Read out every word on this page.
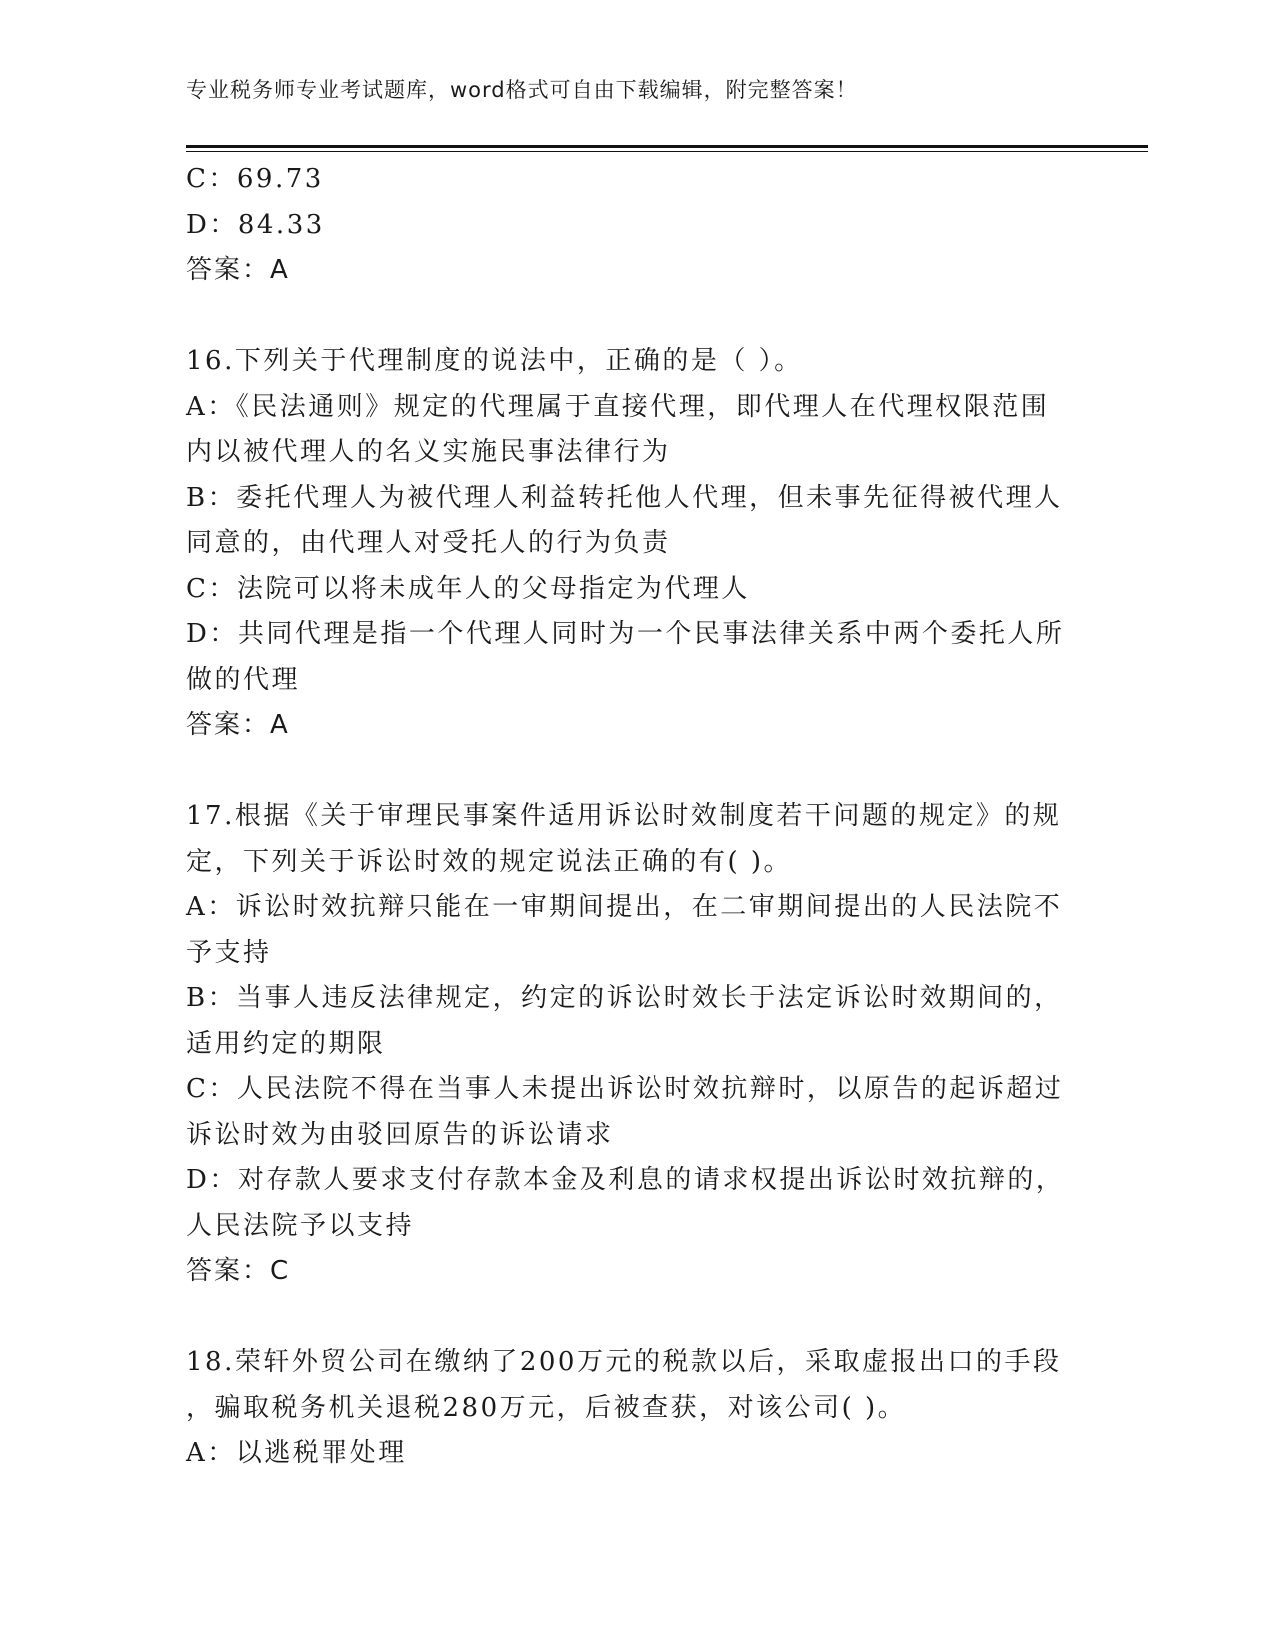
专业税务师专业考试题库，word格式可自由下载编辑，附完整答案！
C：69.73
D：84.33
答案：A
16.下列关于代理制度的说法中，正确的是（ ）。
A：《民法通则》规定的代理属于直接代理，即代理人在代理权限范围
内以被代理人的名义实施民事法律行为
B：委托代理人为被代理人利益转托他人代理，但未事先征得被代理人
同意的，由代理人对受托人的行为负责
C：法院可以将未成年人的父母指定为代理人
D：共同代理是指一个代理人同时为一个民事法律关系中两个委托人所
做的代理
答案：A
17.根据《关于审理民事案件适用诉讼时效制度若干问题的规定》的规
定，下列关于诉讼时效的规定说法正确的有( )。
A：诉讼时效抗辩只能在一审期间提出，在二审期间提出的人民法院不
予支持
B：当事人违反法律规定，约定的诉讼时效长于法定诉讼时效期间的，
适用约定的期限
C：人民法院不得在当事人未提出诉讼时效抗辩时，以原告的起诉超过
诉讼时效为由驳回原告的诉讼请求
D：对存款人要求支付存款本金及利息的请求权提出诉讼时效抗辩的，
人民法院予以支持
答案：C
18.荣轩外贸公司在缴纳了200万元的税款以后，采取虚报出口的手段
，骗取税务机关退税280万元，后被查获，对该公司( )。
A：以逃税罪处理
